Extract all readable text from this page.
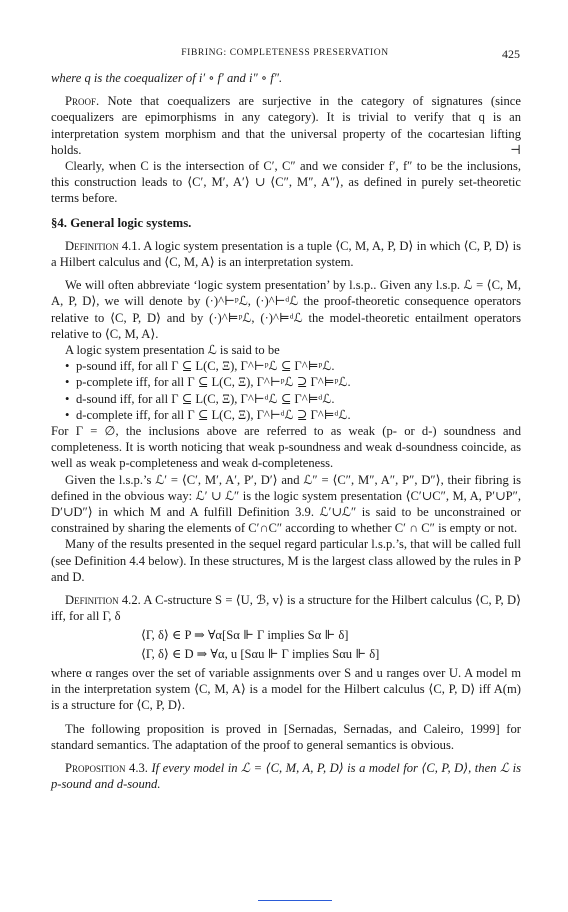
FIBRING: COMPLETENESS PRESERVATION	425

where q is the coequalizer of i′ ∘ f′ and i″ ∘ f″.

Proof. Note that coequalizers are surjective in the category of signatures (since coequalizers are epimorphisms in any category). It is trivial to verify that q is an interpretation system morphism and that the universal property of the cocartesian lifting holds.	⊣

Clearly, when C is the intersection of C′, C″ and we consider f′, f″ to be the inclusions, this construction leads to ⟨C′, M′, A′⟩ ∪ ⟨C″, M″, A″⟩, as defined in purely set-theoretic terms before.

§4. General logic systems.

Definition 4.1. A logic system presentation is a tuple ⟨C, M, A, P, D⟩ in which ⟨C, P, D⟩ is a Hilbert calculus and ⟨C, M, A⟩ is an interpretation system.

We will often abbreviate ‘logic system presentation’ by l.s.p.. Given any l.s.p. ℒ = ⟨C, M, A, P, D⟩, we will denote by (·)^⊢ᵖℒ, (·)^⊢ᵈℒ the proof-theoretic consequence operators relative to ⟨C, P, D⟩ and by (·)^⊨ᵖℒ, (·)^⊨ᵈℒ the model-theoretic entailment operators relative to ⟨C, M, A⟩.

A logic system presentation ℒ is said to be

• p-sound iff, for all Γ ⊆ L(C, Ξ), Γ^⊢ᵖℒ ⊆ Γ^⊨ᵖℒ.
• p-complete iff, for all Γ ⊆ L(C, Ξ), Γ^⊢ᵖℒ ⊇ Γ^⊨ᵖℒ.
• d-sound iff, for all Γ ⊆ L(C, Ξ), Γ^⊢ᵈℒ ⊆ Γ^⊨ᵈℒ.
• d-complete iff, for all Γ ⊆ L(C, Ξ), Γ^⊢ᵈℒ ⊇ Γ^⊨ᵈℒ.

For Γ = ∅, the inclusions above are referred to as weak (p- or d-) soundness and completeness. It is worth noticing that weak p-soundness and weak d-soundness coincide, as well as weak p-completeness and weak d-completeness.

Given the l.s.p.’s ℒ′ = ⟨C′, M′, A′, P′, D′⟩ and ℒ″ = ⟨C″, M″, A″, P″, D″⟩, their fibring is defined in the obvious way: ℒ′ ∪ ℒ″ is the logic system presentation ⟨C′∪C″, M, A, P′∪P″, D′∪D″⟩ in which M and A fulfill Definition 3.9. ℒ′∪ℒ″ is said to be unconstrained or constrained by sharing the elements of C′∩C″ according to whether C′ ∩ C″ is empty or not.

Many of the results presented in the sequel regard particular l.s.p.’s, that will be called full (see Definition 4.4 below). In these structures, M is the largest class allowed by the rules in P and D.

Definition 4.2. A C-structure S = ⟨U, ℬ, v⟩ is a structure for the Hilbert calculus ⟨C, P, D⟩ iff, for all Γ, δ

⟨Γ, δ⟩ ∈ P ⇒ ∀α[Sα ⊩ Γ implies Sα ⊩ δ]

⟨Γ, δ⟩ ∈ D ⇒ ∀α, u [Sαu ⊩ Γ implies Sαu ⊩ δ]

where α ranges over the set of variable assignments over S and u ranges over U. A model m in the interpretation system ⟨C, M, A⟩ is a model for the Hilbert calculus ⟨C, P, D⟩ iff A(m) is a structure for ⟨C, P, D⟩.

The following proposition is proved in [Sernadas, Sernadas, and Caleiro, 1999] for standard semantics. The adaptation of the proof to general semantics is obvious.

Proposition 4.3. If every model in ℒ = ⟨C, M, A, P, D⟩ is a model for ⟨C, P, D⟩, then ℒ is p-sound and d-sound.
